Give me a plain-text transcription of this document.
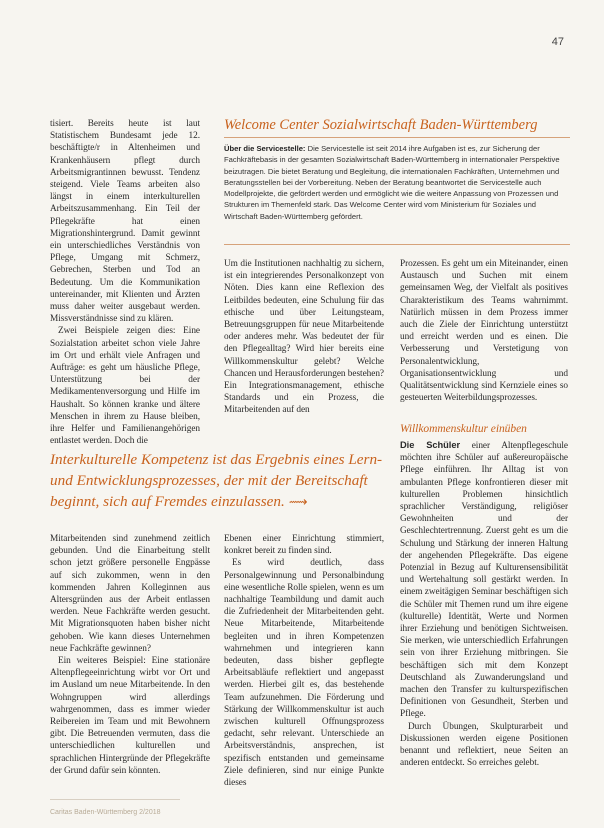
47

tisiert. Bereits heute ist laut Statistischem Bundesamt jede 12. beschäftigte/r in Altenheimen und Krankenhäusern pflegt durch Arbeitsmigrantinnen bewusst. Tendenz steigend. Viele Teams arbeiten also längst in einem interkulturellen Arbeitszusammenhang. Ein Teil der Pflegekräfte hat einen Migrationshintergrund. Damit gewinnt ein unterschiedliches Verständnis von Pflege, Umgang mit Schmerz, Gebrechen, Sterben und Tod an Bedeutung. Um die Kommunikation untereinander, mit Klienten und Ärzten muss daher weiter ausgebaut werden. Missverständnisse sind zu klären.

Zwei Beispiele zeigen dies: Eine Sozialstation arbeitet schon viele Jahre im Ort und erhält viele Anfragen und Aufträge: es geht um häusliche Pflege, Unterstützung bei der Medikamentenversorgung und Hilfe im Haushalt. So können kranke und ältere Menschen in ihrem zu Hause bleiben, ihre Helfer und Familienangehörigen entlastet werden. Doch die

Welcome Center Sozialwirtschaft Baden-Württemberg
Über die Servicestelle: Die Servicestelle ist seit 2014 ihre Aufgaben ist es, zur Sicherung der Fachkräftebasis in der gesamten Sozialwirtschaft Baden-Württemberg in internationaler Perspektive beizutragen. Die bietet Beratung und Begleitung, die internationalen Fachkräften, Unternehmen und Beratungsstellen bei der Vorbereitung. Neben der Beratung beantwortet die Servicestelle auch Modellprojekte, die gefördert werden und ermöglicht wie die weitere Anpassung von Prozessen und Strukturen im Themenfeld stark. Das Welcome Center wird vom Ministerium für Soziales und Wirtschaft Baden-Württemberg gefördert.

Um die Institutionen nachhaltig zu sichern, ist ein integrierendes Personalkonzept von Nöten. Dies kann eine Reflexion des Leitbildes bedeuten, eine Schulung für das ethische und über Leitungsteam, Betreuungsgruppen für neue Mitarbeitende oder anderes mehr. Was bedeutet der für den Pflegealltag? Wird hier bereits eine Willkommenskultur gelebt? Welche Chancen und Herausforderungen bestehen? Ein Integrationsmanagement, ethische Standards und ein Prozess, die Mitarbeitenden auf den

Prozessen. Es geht um ein Miteinander, einen Austausch und Suchen mit einem gemeinsamen Weg, der Vielfalt als positives Charakteristikum des Teams wahrnimmt. Natürlich müssen in dem Prozess immer auch die Ziele der Einrichtung unterstützt und erreicht werden und es einen. Die Verbesserung und Verstetigung von Personalentwicklung, Organisationsentwicklung und Qualitätsentwicklung sind Kernziele eines so gesteuerten Weiterbildungsprozesses.

Willkommenskultur einüben

Die Schüler einer Altenpflegeschule möchten ihre Schüler auf außereuropäische Pflege einführen. Ihr Alltag ist von ambulanten Pflege konfrontieren dieser mit kulturellen Problemen hinsichtlich sprachlicher Verständigung, religiöser Gewohnheiten und der Geschlechtertrennung. Zuerst geht es um die Schulung und Stärkung der inneren Haltung der angehenden Pflegekräfte. Das eigene Potenzial in Bezug auf Kulturensensibilität und Wertehaltung soll gestärkt werden. In einem zweitägigen Seminar beschäftigen sich die Schüler mit Themen rund um ihre eigene (kulturelle) Identität, Werte und Normen ihrer Erziehung und benötigen Sichtweisen. Sie merken, wie unterschiedlich Erfahrungen sein von ihrer Erziehung mitbringen. Sie beschäftigen sich mit dem Konzept Deutschland als Zuwanderungsland und machen den Transfer zu kulturspezifischen Definitionen von Gesundheit, Sterben und Pflege.

Durch Übungen, Skulpturarbeit und Diskussionen werden eigene Positionen benannt und reflektiert, neue Seiten an anderen entdeckt. So erreiches gelebt.

Interkulturelle Kompetenz ist das Ergebnis eines Lern- und Entwicklungsprozesses, der mit der Bereitschaft beginnt, sich auf Fremdes einzulassen. ⟿

Mitarbeitenden sind zunehmend zeitlich gebunden. Und die Einarbeitung stellt schon jetzt größere personelle Engpässe auf sich zukommen, wenn in den kommenden Jahren Kolleginnen aus Altersgründen aus der Arbeit entlassen werden. Neue Fachkräfte werden gesucht. Mit Migrationsquoten haben bisher nicht gehoben. Wie kann dieses Unternehmen neue Fachkräfte gewinnen?

Ein weiteres Beispiel: Eine stationäre Altenpflegeeinrichtung wirbt vor Ort und im Ausland um neue Mitarbeitende. In den Wohngruppen wird allerdings wahrgenommen, dass es immer wieder Reibereien im Team und mit Bewohnern gibt. Die Betreuenden vermuten, dass die unterschiedlichen kulturellen und sprachlichen Hintergründe der Pflegekräfte der Grund dafür sein könnten.

Ebenen einer Einrichtung stimmiert, konkret bereit zu finden sind.

Es wird deutlich, dass Personalgewinnung und Personalbindung eine wesentliche Rolle spielen, wenn es um nachhaltige Teambildung und damit auch die Zufriedenheit der Mitarbeitenden geht. Neue Mitarbeitende, Mitarbeitende begleiten und in ihren Kompetenzen wahrnehmen und integrieren kann bedeuten, dass bisher gepflegte Arbeitsabläufe reflektiert und angepasst werden. Hierbei gilt es, das bestehende Team aufzunehmen. Die Förderung und Stärkung der Willkommenskultur ist auch zwischen kulturell Offnungsprozess gedacht, sehr relevant. Unterschiede an Arbeitsverständnis, ansprechen, ist spezifisch entstanden und gemeinsame Ziele definieren, sind nur einige Punkte dieses

Caritas Baden-Württemberg 2/2018
